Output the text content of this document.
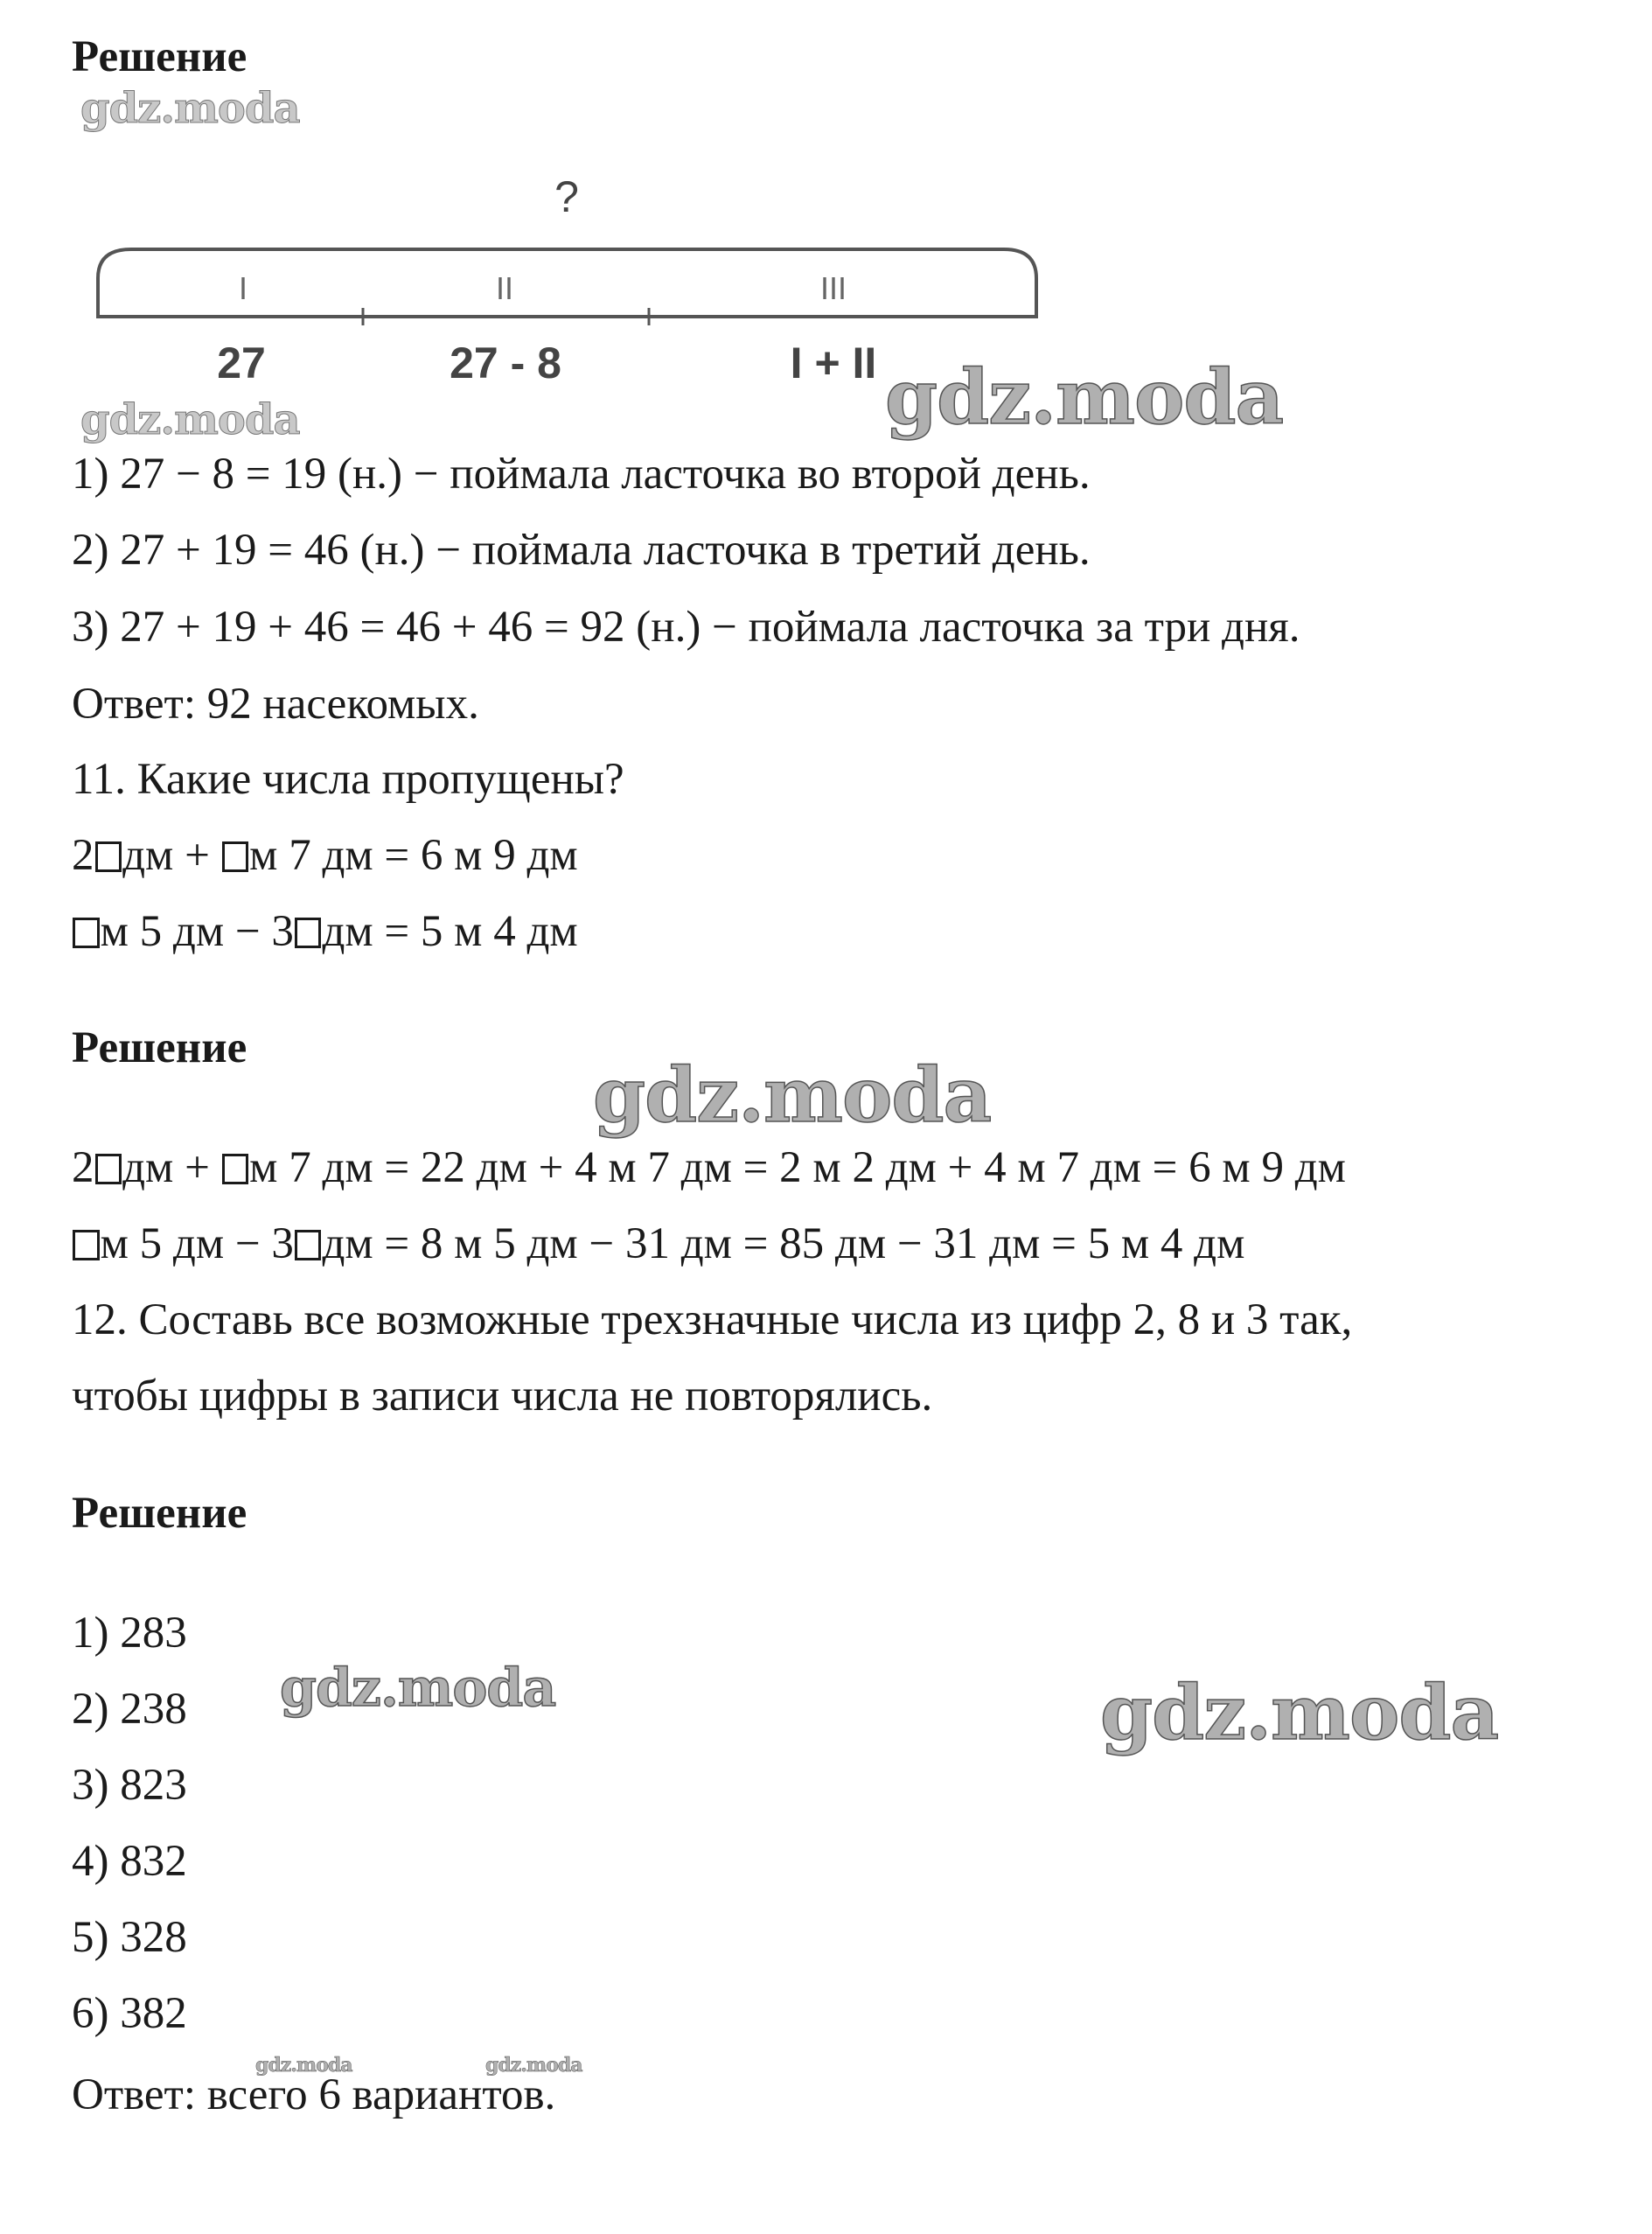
Решение
?
I	II	III
27	27 - 8	I + II
1) 27 − 8 = 19 (н.) − поймала ласточка во второй день.
2) 27 + 19 = 46 (н.) − поймала ласточка в третий день.
3) 27 + 19 + 46 = 46 + 46 = 92 (н.) − поймала ласточка за три дня.
Ответ: 92 насекомых.
11. Какие числа пропущены?
2 дм + м 7 дм = 6 м 9 дм
м 5 дм − 3 дм = 5 м 4 дм
Решение
2 дм + м 7 дм = 22 дм + 4 м 7 дм = 2 м 2 дм + 4 м 7 дм = 6 м 9 дм
м 5 дм − 3 дм = 8 м 5 дм − 31 дм = 85 дм − 31 дм = 5 м 4 дм
12. Составь все возможные трехзначные числа из цифр 2, 8 и 3 так,
чтобы цифры в записи числа не повторялись.
Решение
1) 283
2) 238
3) 823
4) 832
5) 328
6) 382
Ответ: всего 6 вариантов.
gdz.moda
gdz.moda	gdz.moda
gdz.moda
gdz.moda	gdz.moda
gdz.moda	gdz.moda
